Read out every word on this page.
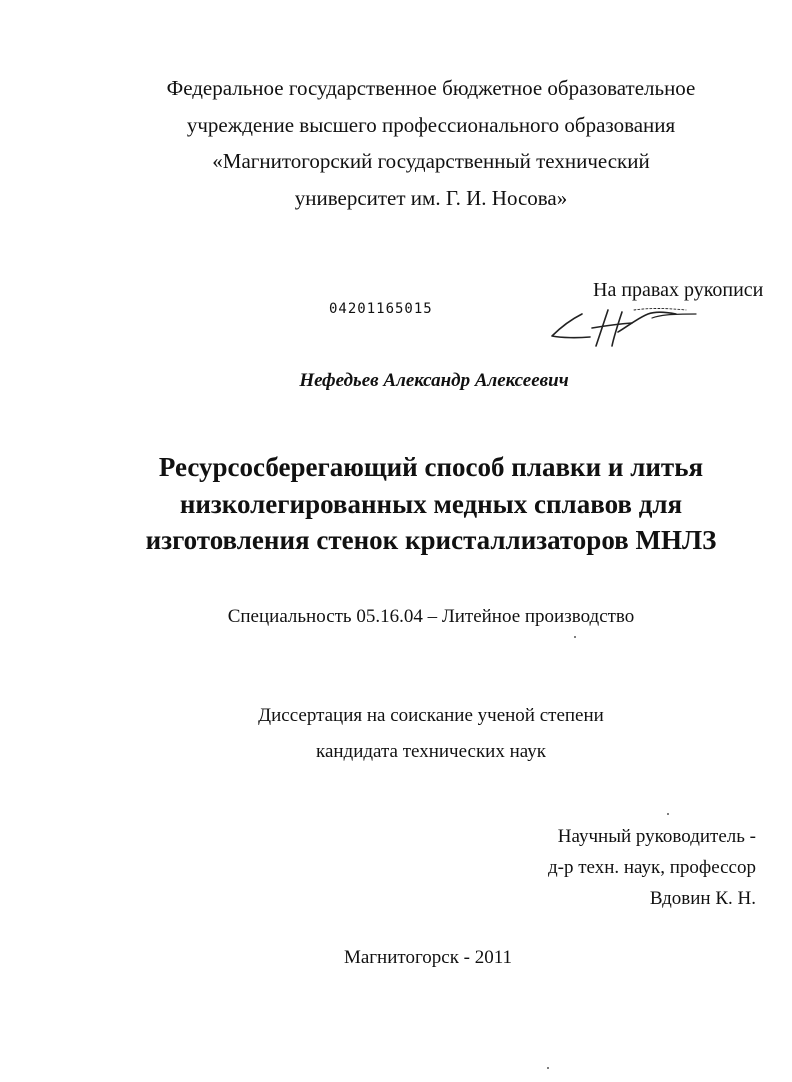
Федеральное государственное бюджетное образовательное
учреждение высшего профессионального образования
«Магнитогорский государственный технический
университет им. Г. И. Носова»
На правах рукописи
04201165015
Нефедьев Александр Алексеевич
Ресурсосберегающий способ плавки и литья
низколегированных медных сплавов для
изготовления стенок кристаллизаторов МНЛЗ
Специальность 05.16.04 – Литейное производство
Диссертация на соискание ученой степени
кандидата технических наук
Научный руководитель -
д-р техн. наук, профессор
Вдовин К. Н.
Магнитогорск - 2011
